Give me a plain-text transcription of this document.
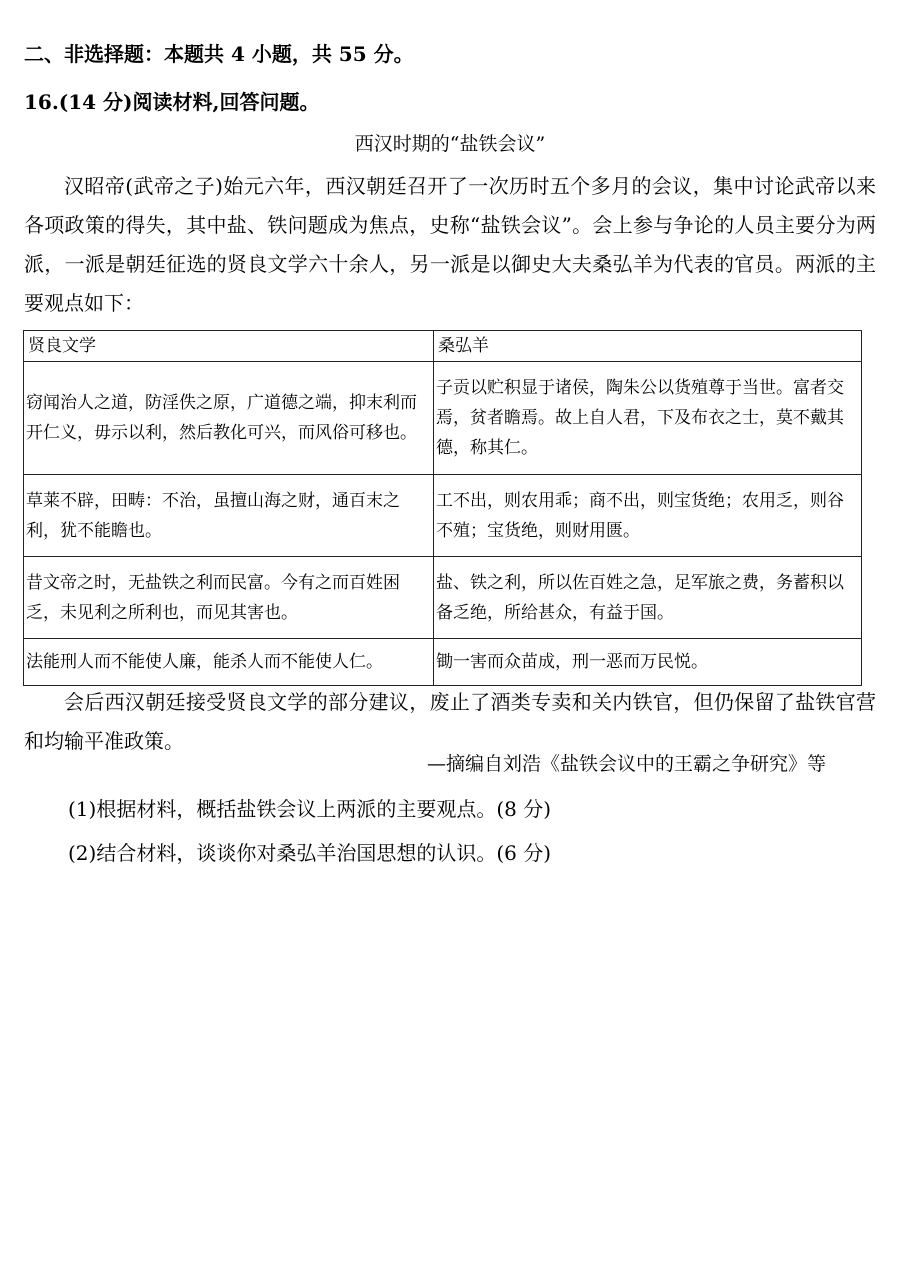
二、非选择题：本题共 4 小题，共 55 分。
16.(14 分)阅读材料,回答问题。
西汉时期的“盐铁会议”
汉昭帝(武帝之子)始元六年，西汉朝廷召开了一次历时五个多月的会议，集中讨论武帝以来各项政策的得失，其中盐、铁问题成为焦点，史称“盐铁会议”。会上参与争论的人员主要分为两派，一派是朝廷征选的贤良文学六十余人，另一派是以御史大夫桑弘羊为代表的官员。两派的主要观点如下：
贤良文学	桑弘羊
窃闻治人之道，防淫佚之原，广道德之端，抑末利而开仁义，毋示以利，然后教化可兴，而风俗可移也。	子贡以贮积显于诸侯，陶朱公以货殖尊于当世。富者交焉，贫者瞻焉。故上自人君，下及布衣之士，莫不戴其德，称其仁。
草莱不辟，田畴：不治，虽擅山海之财，通百末之利，犹不能瞻也。	工不出，则农用乖；商不出，则宝货绝；农用乏，则谷不殖；宝货绝，则财用匮。
昔文帝之时，无盐铁之利而民富。今有之而百姓困乏，未见利之所利也，而见其害也。	盐、铁之利，所以佐百姓之急，足军旅之费，务蓄积以备乏绝，所给甚众，有益于国。
法能刑人而不能使人廉，能杀人而不能使人仁。	锄一害而众苗成，刑一恶而万民悦。
会后西汉朝廷接受贤良文学的部分建议，废止了酒类专卖和关内铁官，但仍保留了盐铁官营和均输平准政策。
—摘编自刘浩《盐铁会议中的王霸之争研究》等
(1)根据材料，概括盐铁会议上两派的主要观点。(8 分)
(2)结合材料，谈谈你对桑弘羊治国思想的认识。(6 分)
